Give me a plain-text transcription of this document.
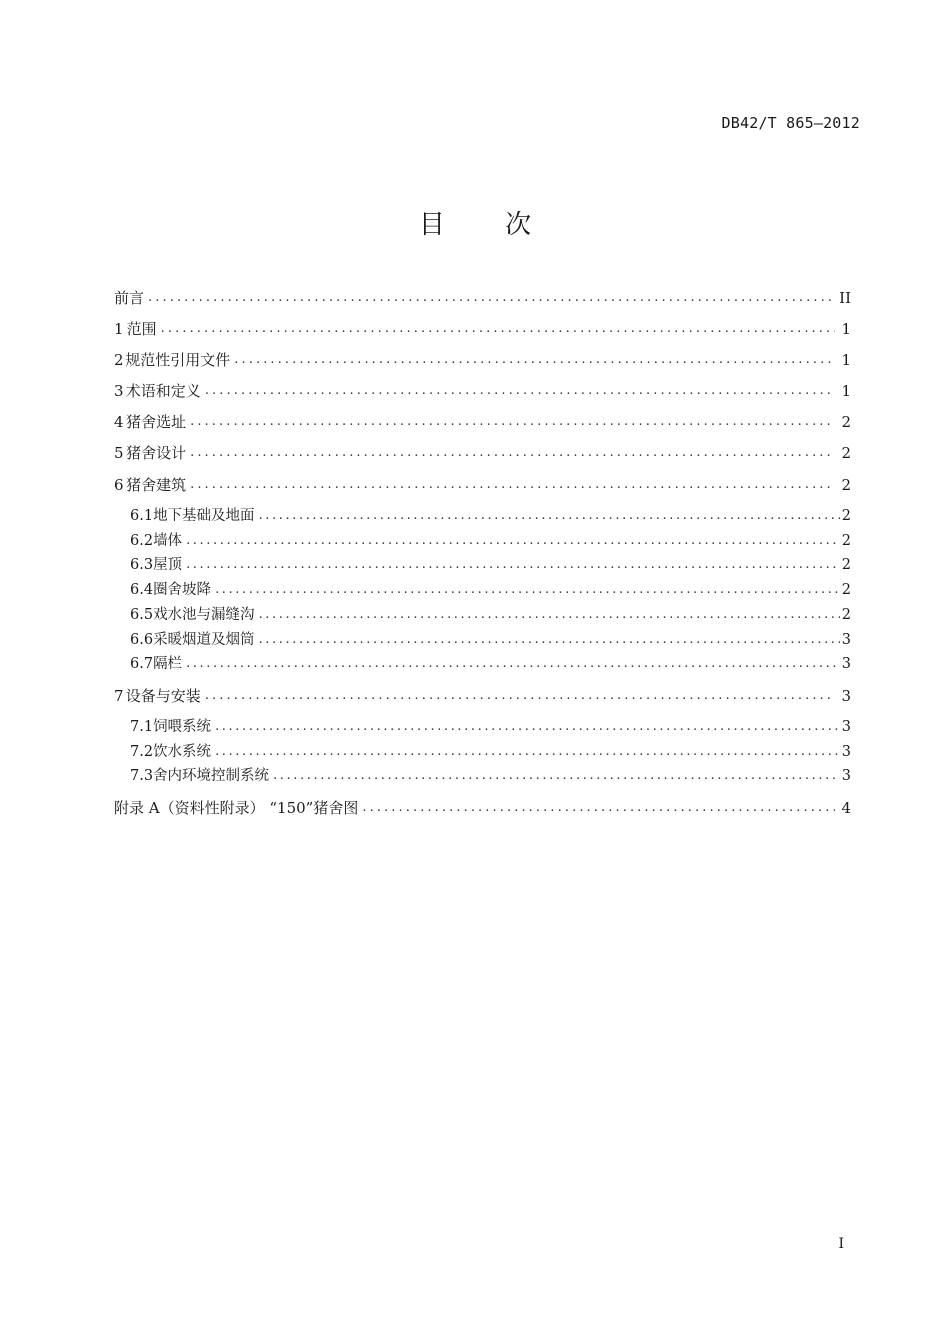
DB42/T 865—2012
目 次
前言 .....	II
1 范围 .....	1
2 规范性引用文件 .....	1
3 术语和定义 .....	1
4 猪舍选址 .....	2
5 猪舍设计 .....	2
6 猪舍建筑 .....	2
6.1 地下基础及地面 .....	2
6.2 墙体 .....	2
6.3 屋顶 .....	2
6.4 圈舍坡降 .....	2
6.5 戏水池与漏缝沟 .....	2
6.6 采暖烟道及烟筒 .....	3
6.7 隔栏 .....	3
7 设备与安装 .....	3
7.1 饲喂系统 .....	3
7.2 饮水系统 .....	3
7.3 舍内环境控制系统 .....	3
附录 A（资料性附录） “150”猪舍图 .....	4
I
